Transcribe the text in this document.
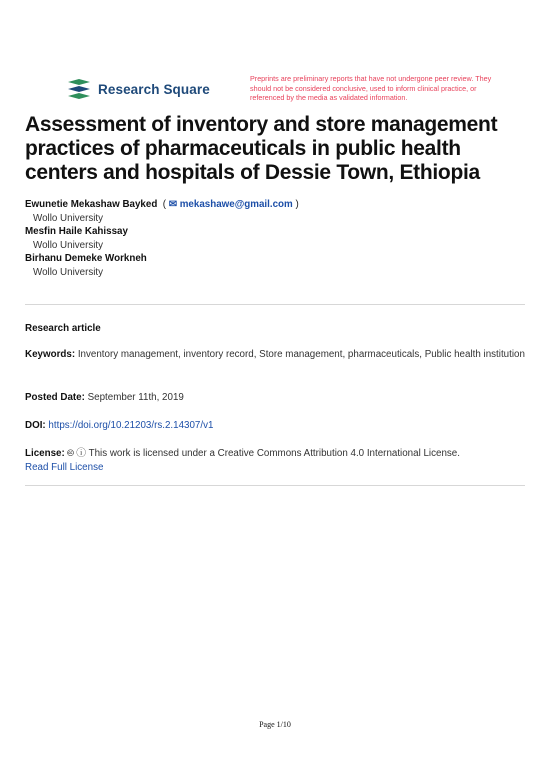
Research Square
Preprints are preliminary reports that have not undergone peer review. They should not be considered conclusive, used to inform clinical practice, or referenced by the media as validated information.
Assessment of inventory and store management practices of pharmaceuticals in public health centers and hospitals of Dessie Town, Ethiopia
Ewunetie Mekashaw Bayked  ( ✉ mekashawe@gmail.com )
Wollo University
Mesfin Haile Kahissay
Wollo University
Birhanu Demeke Workneh
Wollo University
Research article
Keywords: Inventory management, inventory record, Store management, pharmaceuticals, Public health institution
Posted Date: September 11th, 2019
DOI: https://doi.org/10.21203/rs.2.14307/v1
License: 🅭 ⓘ This work is licensed under a Creative Commons Attribution 4.0 International License.
Read Full License
Page 1/10
